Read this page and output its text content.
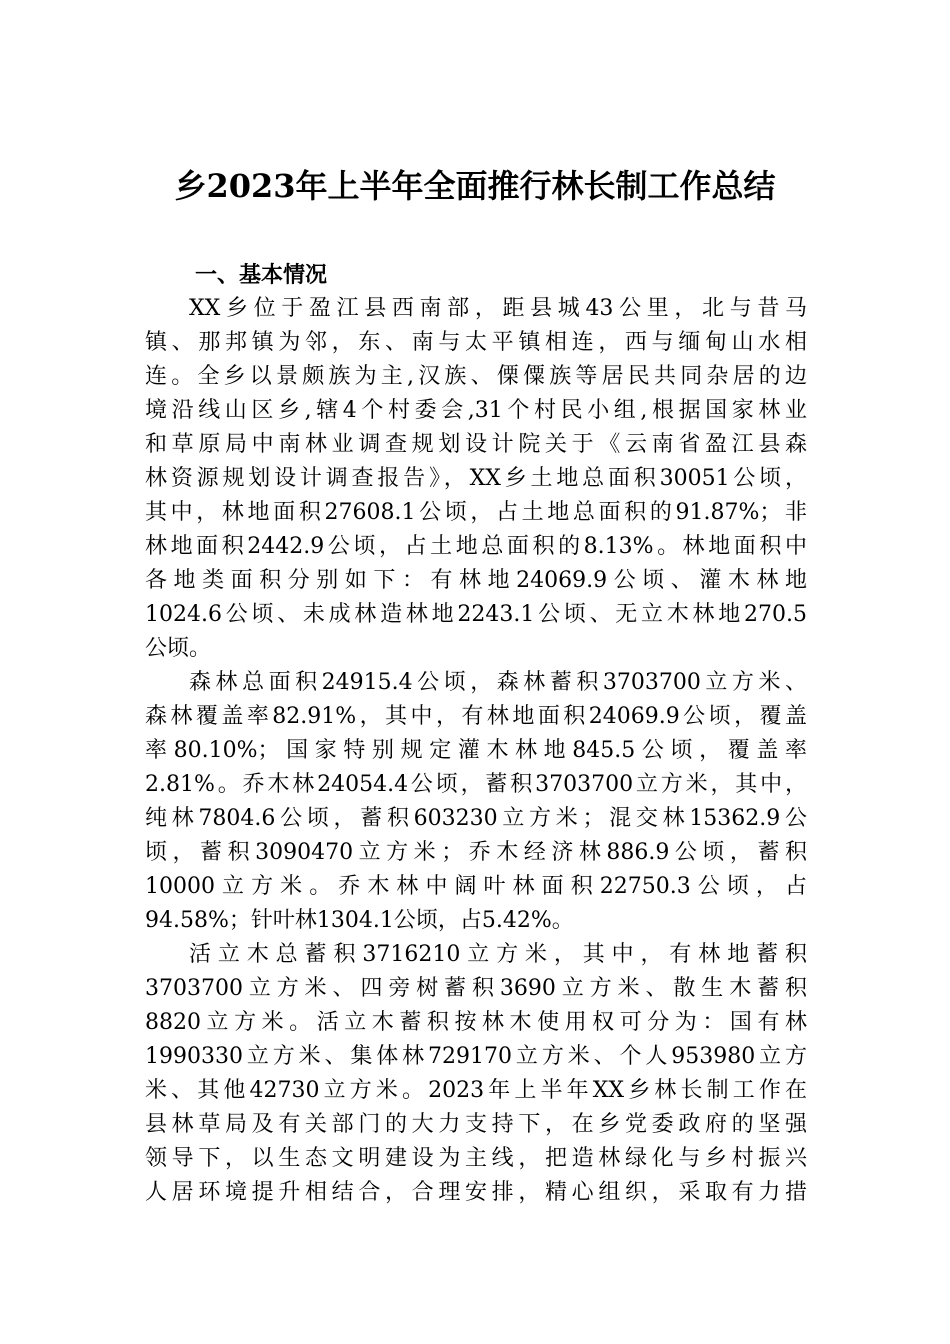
乡2023年上半年全面推行林长制工作总结
一、基本情况
XX乡位于盈江县西南部，距县城43公里，北与昔马
镇、那邦镇为邻，东、南与太平镇相连，西与缅甸山水相
连。全乡以景颇族为主,汉族、傈僳族等居民共同杂居的边
境沿线山区乡,辖4个村委会,31个村民小组,根据国家林业
和草原局中南林业调查规划设计院关于《云南省盈江县森
林资源规划设计调查报告》，XX乡土地总面积30051公顷，
其中，林地面积27608.1公顷，占土地总面积的91.87%；非
林地面积2442.9公顷，占土地总面积的8.13%。林地面积中
各地类面积分别如下：有林地24069.9公顷、灌木林地
1024.6公顷、未成林造林地2243.1公顷、无立木林地270.5
公顷。
森林总面积24915.4公顷，森林蓄积3703700立方米、
森林覆盖率82.91%，其中，有林地面积24069.9公顷，覆盖
率80.10%；国家特别规定灌木林地845.5公顷，覆盖率
2.81%。乔木林24054.4公顷，蓄积3703700立方米，其中，
纯林7804.6公顷，蓄积603230立方米；混交林15362.9公
顷，蓄积3090470立方米；乔木经济林886.9公顷，蓄积
10000立方米。乔木林中阔叶林面积22750.3公顷，占
94.58%；针叶林1304.1公顷，占5.42%。
活立木总蓄积3716210立方米，其中，有林地蓄积
3703700立方米、四旁树蓄积3690立方米、散生木蓄积
8820立方米。活立木蓄积按林木使用权可分为：国有林
1990330立方米、集体林729170立方米、个人953980立方
米、其他42730立方米。2023年上半年XX乡林长制工作在
县林草局及有关部门的大力支持下，在乡党委政府的坚强
领导下，以生态文明建设为主线，把造林绿化与乡村振兴
人居环境提升相结合，合理安排，精心组织，采取有力措
